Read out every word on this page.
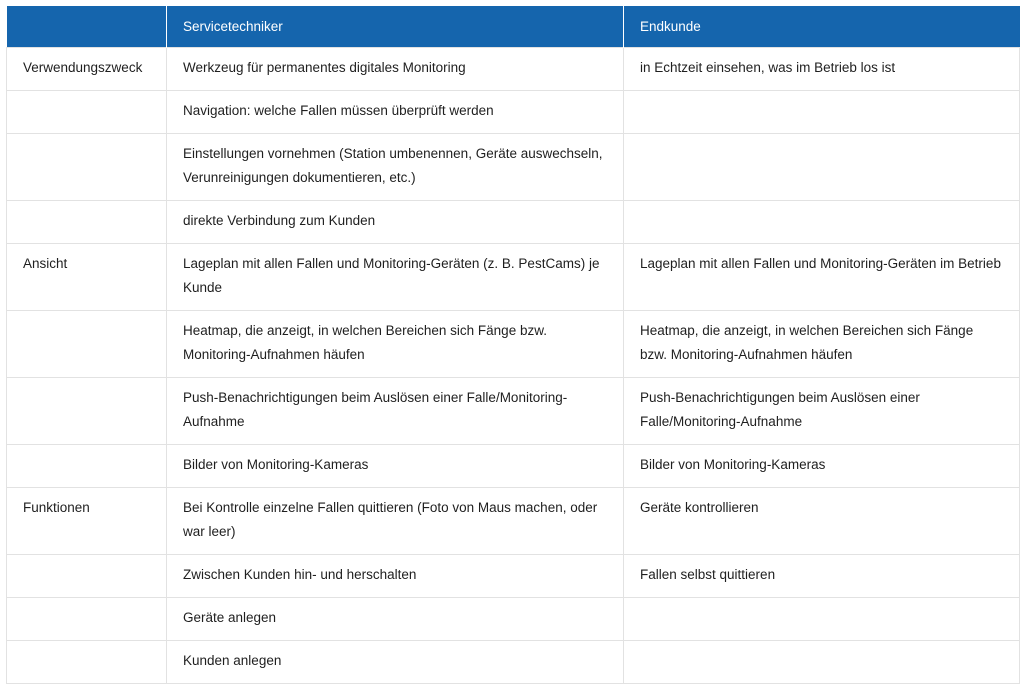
	Servicetechniker	Endkunde
Verwendungszweck	Werkzeug für permanentes digitales Monitoring	in Echtzeit einsehen, was im Betrieb los ist
	Navigation: welche Fallen müssen überprüft werden	
	Einstellungen vornehmen (Station umbenennen, Geräte auswechseln, Verunreinigungen dokumentieren, etc.)	
	direkte Verbindung zum Kunden	
Ansicht	Lageplan mit allen Fallen und Monitoring-Geräten (z. B. PestCams) je Kunde	Lageplan mit allen Fallen und Monitoring-Geräten im Betrieb
	Heatmap, die anzeigt, in welchen Bereichen sich Fänge bzw. Monitoring-Aufnahmen häufen	Heatmap, die anzeigt, in welchen Bereichen sich Fänge bzw. Monitoring-Aufnahmen häufen
	Push-Benachrichtigungen beim Auslösen einer Falle/Monitoring-Aufnahme	Push-Benachrichtigungen beim Auslösen einer Falle/Monitoring-Aufnahme
	Bilder von Monitoring-Kameras	Bilder von Monitoring-Kameras
Funktionen	Bei Kontrolle einzelne Fallen quittieren (Foto von Maus machen, oder war leer)	Geräte kontrollieren
	Zwischen Kunden hin- und herschalten	Fallen selbst quittieren
	Geräte anlegen	
	Kunden anlegen	
